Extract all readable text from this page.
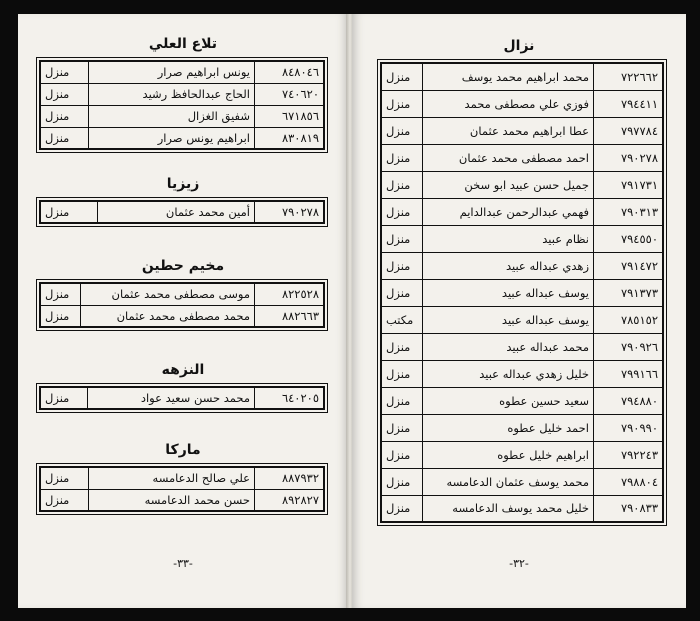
تلاع العلي
٨٤٨٠٤٦	يونس ابراهيم صرار	منزل
٧٤٠٦٢٠	الحاج عبدالحافظ رشيد	منزل
٦٧١٨٥٦	شفيق الغزال	منزل
٨٣٠٨١٩	ابراهيم يونس صرار	منزل
زيزيا
٧٩٠٢٧٨	أمين محمد عثمان	منزل
مخيم حطين
٨٢٢٥٢٨	موسى مصطفى محمد عثمان	منزل
٨٨٢٦٦٣	محمد مصطفى محمد عثمان	منزل
النزهه
٦٤٠٢٠٥	محمد حسن سعيد عواد	منزل
ماركا
٨٨٧٩٣٢	علي صالح الدعامسه	منزل
٨٩٢٨٢٧	حسن محمد الدعامسه	منزل
-٣٣-
نزال
٧٢٢٦٦٢	محمد ابراهيم محمد يوسف	منزل
٧٩٤٤١١	فوزي علي مصطفى محمد	منزل
٧٩٧٧٨٤	عطا ابراهيم محمد عثمان	منزل
٧٩٠٢٧٨	احمد مصطفى محمد عثمان	منزل
٧٩١٧٣١	جميل حسن عبيد ابو سخن	منزل
٧٩٠٣١٣	فهمي عبدالرحمن عبدالدايم	منزل
٧٩٤٥٥٠	نظام عبيد	منزل
٧٩١٤٧٢	زهدي عبداله عبيد	منزل
٧٩١٣٧٣	يوسف عبداله عبيد	منزل
٧٨٥١٥٢	يوسف عبداله عبيد	مكتب
٧٩٠٩٢٦	محمد عبداله عبيد	منزل
٧٩٩١٦٦	خليل زهدي عبداله عبيد	منزل
٧٩٤٨٨٠	سعيد حسين عطوه	منزل
٧٩٠٩٩٠	احمد خليل عطوه	منزل
٧٩٢٢٤٣	ابراهيم خليل عطوه	منزل
٧٩٨٨٠٤	محمد يوسف عثمان الدعامسه	منزل
٧٩٠٨٣٣	خليل محمد يوسف الدعامسه	منزل
-٣٢-
